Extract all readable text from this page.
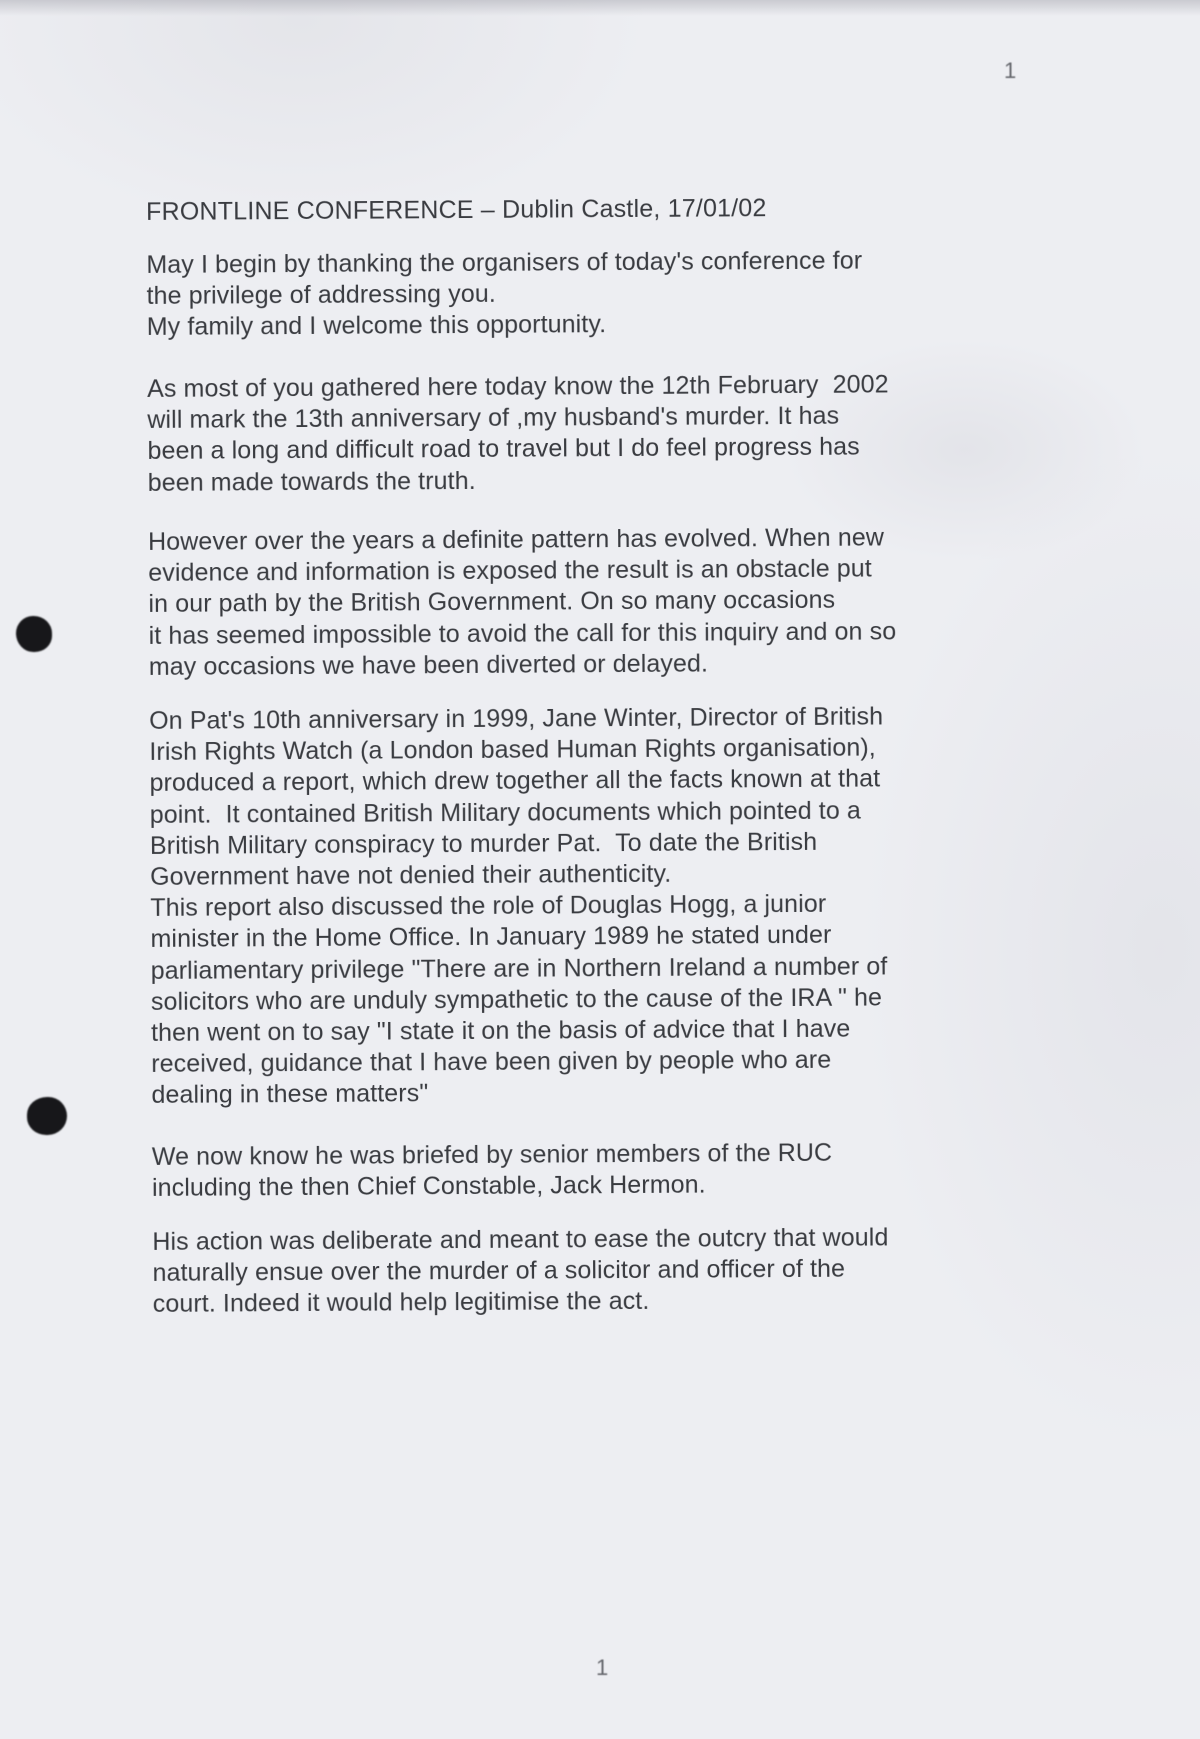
1
FRONTLINE CONFERENCE – Dublin Castle, 17/01/02

May I begin by thanking the organisers of today's conference for
the privilege of addressing you.
My family and I welcome this opportunity.

As most of you gathered here today know the 12th February  2002
will mark the 13th anniversary of ,my husband's murder. It has
been a long and difficult road to travel but I do feel progress has
been made towards the truth.

However over the years a definite pattern has evolved. When new
evidence and information is exposed the result is an obstacle put
in our path by the British Government. On so many occasions
it has seemed impossible to avoid the call for this inquiry and on so
may occasions we have been diverted or delayed.

On Pat's 10th anniversary in 1999, Jane Winter, Director of British
Irish Rights Watch (a London based Human Rights organisation),
produced a report, which drew together all the facts known at that
point.  It contained British Military documents which pointed to a
British Military conspiracy to murder Pat.  To date the British
Government have not denied their authenticity.
This report also discussed the role of Douglas Hogg, a junior
minister in the Home Office. In January 1989 he stated under
parliamentary privilege "There are in Northern Ireland a number of
solicitors who are unduly sympathetic to the cause of the IRA " he
then went on to say "I state it on the basis of advice that I have
received, guidance that I have been given by people who are
dealing in these matters"

We now know he was briefed by senior members of the RUC
including the then Chief Constable, Jack Hermon.

His action was deliberate and meant to ease the outcry that would
naturally ensue over the murder of a solicitor and officer of the
court. Indeed it would help legitimise the act.

1
